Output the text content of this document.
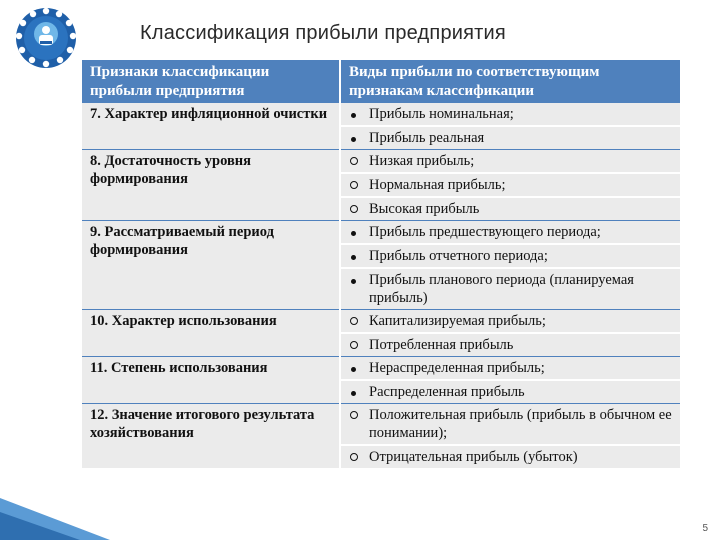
Классификация прибыли предприятия
Признаки классификации прибыли предприятия	Виды прибыли по соответствующим признакам классификации
7. Характер инфляционной очистки	Прибыль номинальная;

	Прибыль реальная

8. Достаточность уровня формирования	Низкая прибыль;

	Нормальная прибыль;

	Высокая прибыль

9. Рассматриваемый период формирования	Прибыль предшествующего периода;

	Прибыль отчетного периода;

	Прибыль планового периода (планируемая прибыль)

10. Характер использования	Капитализируемая прибыль;

	Потребленная прибыль

11. Степень использования	Нераспределенная прибыль;

	Распределенная прибыль

12. Значение итогового результата хозяйствования	Положительная прибыль (прибыль в обычном ее понимании);

	Отрицательная прибыль (убыток)
5
